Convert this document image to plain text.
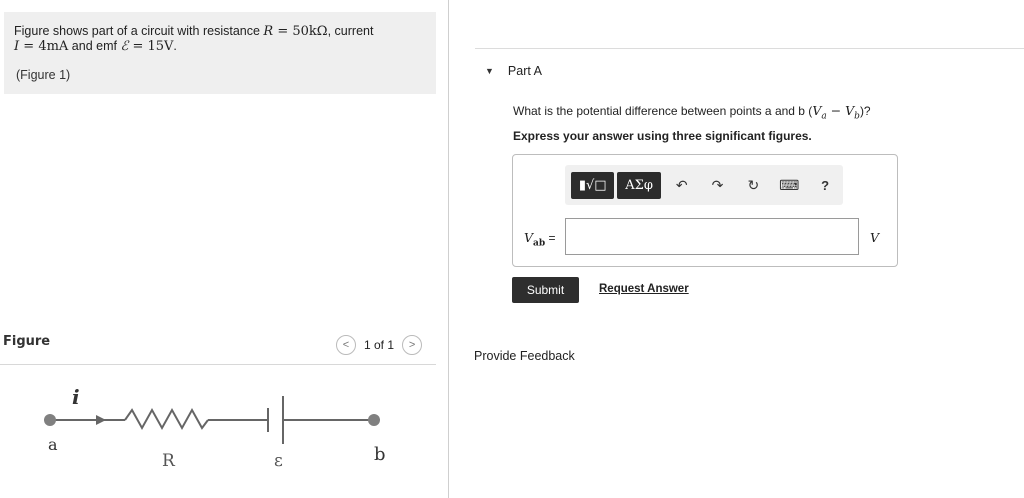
Figure shows part of a circuit with resistance R = 50kΩ, current
I = 4mA and emf ℰ = 15V.
(Figure 1)
Figure	<	1 of 1	>
i
a
R	ε	b
▼ Part A
What is the potential difference between points a and b $(V_a - V_b)$?
Express your answer using three significant figures.
▮√□	ΑΣφ	↶	↷	↻	⌨	?
$V_{ab}$ =	V
Submit	Request Answer
Provide Feedback
